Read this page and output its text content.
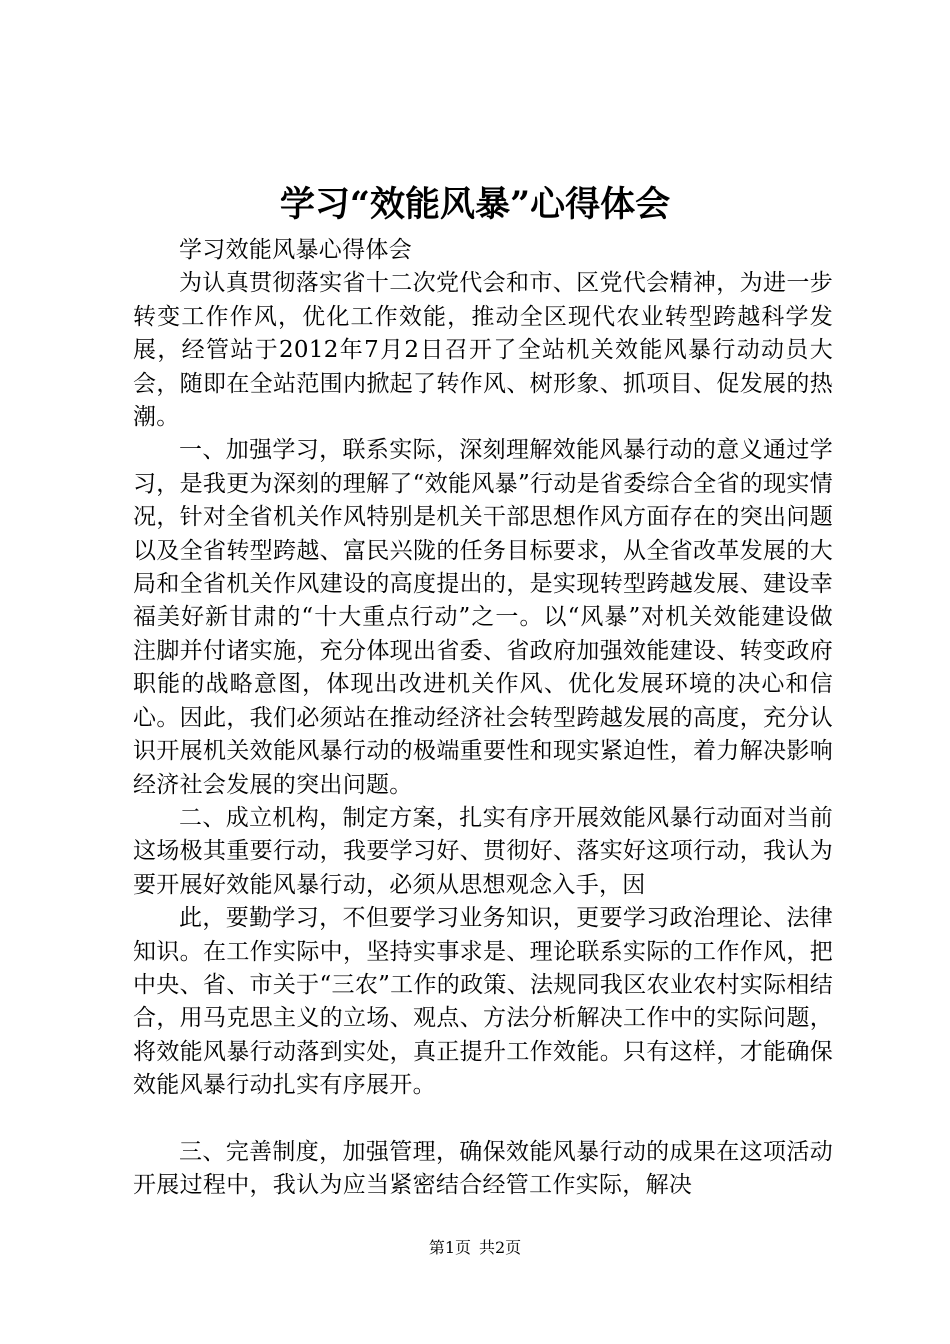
学习“效能风暴”心得体会

学习效能风暴心得体会

为认真贯彻落实省十二次党代会和市、区党代会精神，为进一步转变工作作风，优化工作效能，推动全区现代农业转型跨越科学发展，经管站于2012年7月2日召开了全站机关效能风暴行动动员大会，随即在全站范围内掀起了转作风、树形象、抓项目、促发展的热潮。

一、加强学习，联系实际，深刻理解效能风暴行动的意义通过学习，是我更为深刻的理解了“效能风暴”行动是省委综合全省的现实情况，针对全省机关作风特别是机关干部思想作风方面存在的突出问题以及全省转型跨越、富民兴陇的任务目标要求，从全省改革发展的大局和全省机关作风建设的高度提出的，是实现转型跨越发展、建设幸福美好新甘肃的“十大重点行动”之一。以“风暴”对机关效能建设做注脚并付诸实施，充分体现出省委、省政府加强效能建设、转变政府职能的战略意图，体现出改进机关作风、优化发展环境的决心和信心。因此，我们必须站在推动经济社会转型跨越发展的高度，充分认识开展机关效能风暴行动的极端重要性和现实紧迫性，着力解决影响经济社会发展的突出问题。

二、成立机构，制定方案，扎实有序开展效能风暴行动面对当前这场极其重要行动，我要学习好、贯彻好、落实好这项行动，我认为要开展好效能风暴行动，必须从思想观念入手，因

此，要勤学习，不但要学习业务知识，更要学习政治理论、法律知识。在工作实际中，坚持实事求是、理论联系实际的工作作风，把中央、省、市关于“三农”工作的政策、法规同我区农业农村实际相结合，用马克思主义的立场、观点、方法分析解决工作中的实际问题，将效能风暴行动落到实处，真正提升工作效能。只有这样，才能确保效能风暴行动扎实有序展开。

三、完善制度，加强管理，确保效能风暴行动的成果在这项活动开展过程中，我认为应当紧密结合经管工作实际，解决

第1页 共2页
